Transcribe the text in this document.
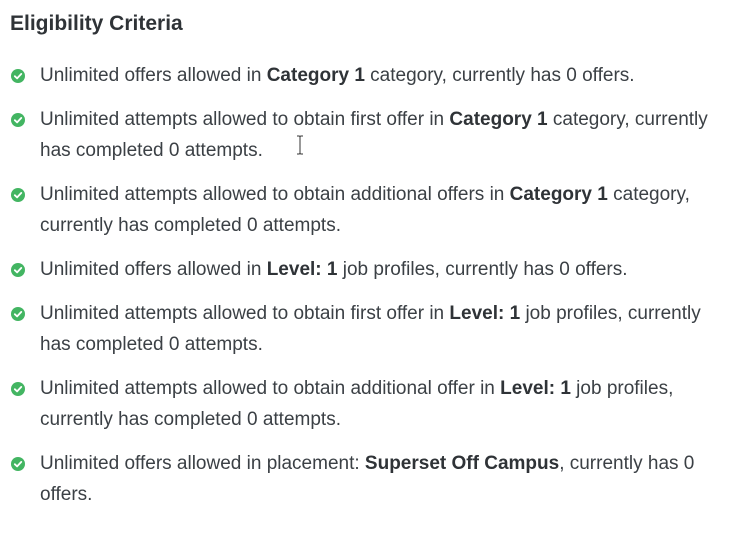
Eligibility Criteria
Unlimited offers allowed in Category 1 category, currently has 0 offers.
Unlimited attempts allowed to obtain first offer in Category 1 category, currently has completed 0 attempts.
Unlimited attempts allowed to obtain additional offers in Category 1 category, currently has completed 0 attempts.
Unlimited offers allowed in Level: 1 job profiles, currently has 0 offers.
Unlimited attempts allowed to obtain first offer in Level: 1 job profiles, currently has completed 0 attempts.
Unlimited attempts allowed to obtain additional offer in Level: 1 job profiles, currently has completed 0 attempts.
Unlimited offers allowed in placement: Superset Off Campus, currently has 0 offers.
